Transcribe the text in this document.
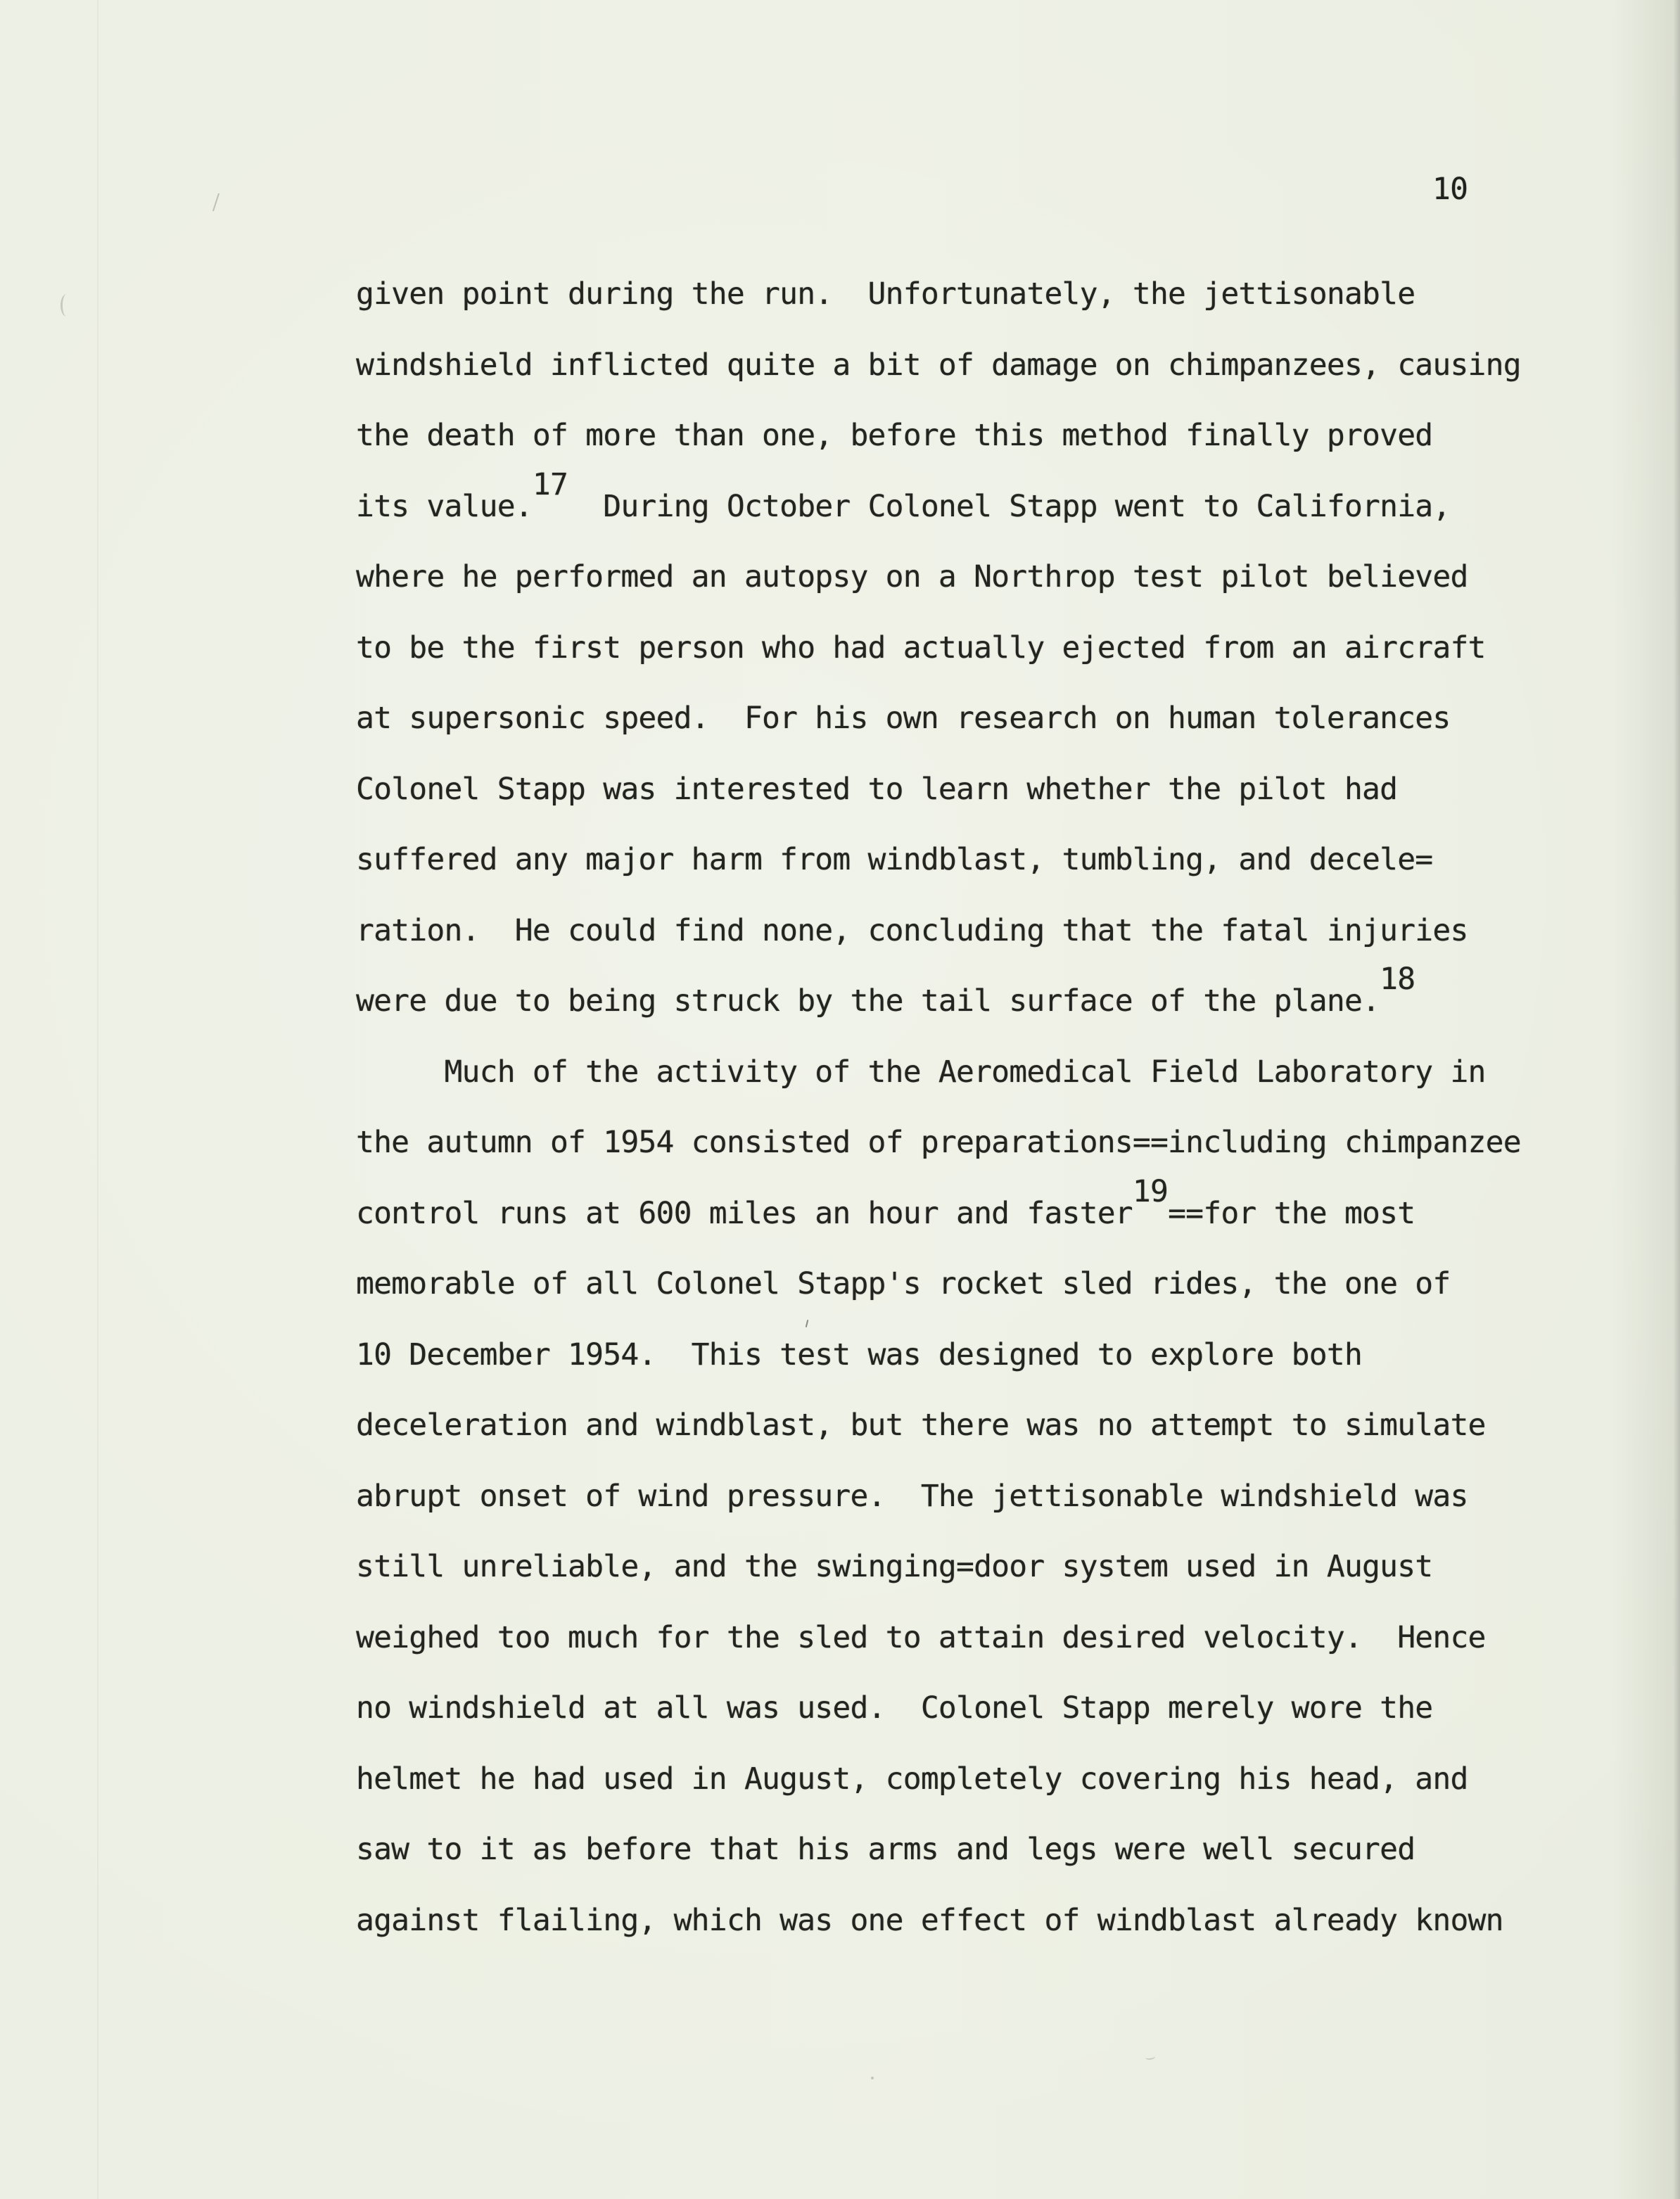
10
given point during the run.  Unfortunately, the jettisonable
windshield inflicted quite a bit of damage on chimpanzees, causing
the death of more than one, before this method finally proved
its value.17  During October Colonel Stapp went to California,
where he performed an autopsy on a Northrop test pilot believed
to be the first person who had actually ejected from an aircraft
at supersonic speed.  For his own research on human tolerances
Colonel Stapp was interested to learn whether the pilot had
suffered any major harm from windblast, tumbling, and decele=
ration.  He could find none, concluding that the fatal injuries
were due to being struck by the tail surface of the plane.18
Much of the activity of the Aeromedical Field Laboratory in
the autumn of 1954 consisted of preparations==including chimpanzee
control runs at 600 miles an hour and faster19==for the most
memorable of all Colonel Stapp's rocket sled rides, the one of
10 December 1954.  This test was designed to explore both
deceleration and windblast, but there was no attempt to simulate
abrupt onset of wind pressure.  The jettisonable windshield was
still unreliable, and the swinging=door system used in August
weighed too much for the sled to attain desired velocity.  Hence
no windshield at all was used.  Colonel Stapp merely wore the
helmet he had used in August, completely covering his head, and
saw to it as before that his arms and legs were well secured
against flailing, which was one effect of windblast already known
